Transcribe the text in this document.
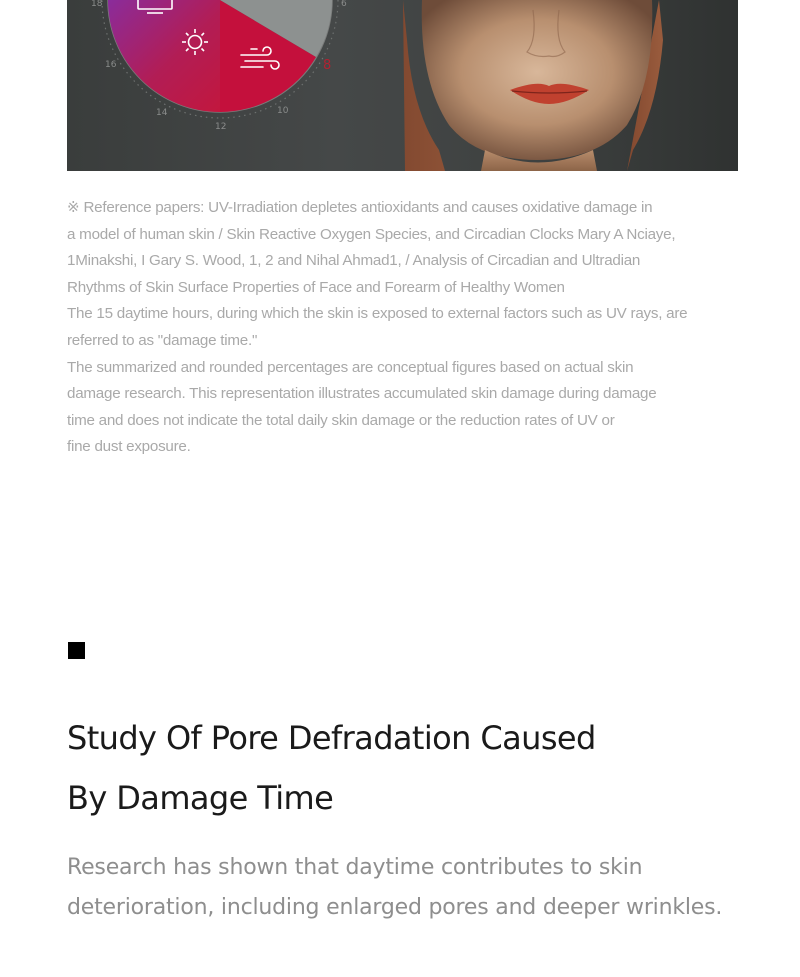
18
16
14
12
10
6
8

※ Reference papers: UV-Irradiation depletes antioxidants and causes oxidative damage in

a model of human skin / Skin Reactive Oxygen Species, and Circadian Clocks Mary A Nciaye,

1Minakshi, I Gary S. Wood, 1, 2 and Nihal Ahmad1, / Analysis of Circadian and Ultradian

Rhythms of Skin Surface Properties of Face and Forearm of Healthy Women

The 15 daytime hours, during which the skin is exposed to external factors such as UV rays, are

referred to as "damage time."

The summarized and rounded percentages are conceptual figures based on actual skin

damage research. This representation illustrates accumulated skin damage during damage

time and does not indicate the total daily skin damage or the reduction rates of UV or

fine dust exposure.

Study Of Pore Defradation Caused
By Damage Time

Research has shown that daytime contributes to skin
deterioration, including enlarged pores and deeper wrinkles.
